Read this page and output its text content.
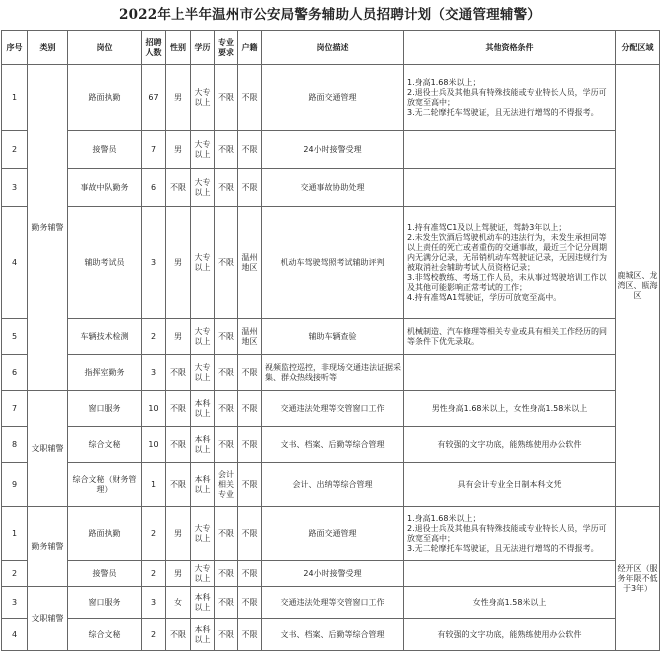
2022年上半年温州市公安局警务辅助人员招聘计划（交通管理辅警）
序号	类别	岗位	招聘人数	性别	学历	专业要求	户籍	岗位描述	其他资格条件	分配区域
1	勤务辅警	路面执勤	67	男	大专以上	不限	不限	路面交通管理	1.身高1.68米以上；
2.退役士兵及其他具有特殊技能或专业特长人员，学历可放宽至高中；
3.无二轮摩托车驾驶证，且无法进行增驾的不得报考。	鹿城区、龙湾区、瓯海区
2		接警员	7	男	大专以上	不限	不限	24小时接警受理		
3		事故中队勤务	6	不限	大专以上	不限	不限	交通事故协助处理		
4		辅助考试员	3	男	大专以上	不限	温州地区	机动车驾驶驾照考试辅助评判	1.持有准驾C1及以上驾驶证，驾龄3年以上；
2.未发生饮酒后驾驶机动车的违法行为，未发生承担同等以上责任的死亡或者重伤的交通事故，最近三个记分周期内无满分记录，无吊销机动车驾驶证记录，无因违规行为被取消社会辅助考试人员资格记录；
3.非驾校教练、考场工作人员，未从事过驾驶培训工作以及其他可能影响正常考试的工作；
4.持有准驾A1驾驶证，学历可放宽至高中。	
5		车辆技术检测	2	男	大专以上	不限	温州地区	辅助车辆查验	机械制造、汽车修理等相关专业或具有相关工作经历的同等条件下优先录取。	
6		指挥室勤务	3	不限	大专以上	不限	不限	视频监控巡控，非现场交通违法证据采集、群众热线接听等		
7	文职辅警	窗口服务	10	不限	本科以上	不限	不限	交通违法处理等交管窗口工作	男性身高1.68米以上，女性身高1.58米以上	
8		综合文秘	10	不限	本科以上	不限	不限	文书、档案、后勤等综合管理	有较强的文字功底，能熟练使用办公软件	
9		综合文秘（财务管理）	1	不限	本科以上	会计相关专业	不限	会计、出纳等综合管理	具有会计专业全日制本科文凭	
1	勤务辅警	路面执勤	2	男	大专以上	不限	不限	路面交通管理	1.身高1.68米以上；
2.退役士兵及其他具有特殊技能或专业特长人员，学历可放宽至高中；
3.无二轮摩托车驾驶证，且无法进行增驾的不得报考。	经开区（服务年限不低于3年）
2		接警员	2	男	大专以上	不限	不限	24小时接警受理		
3	文职辅警	窗口服务	3	女	本科以上	不限	不限	交通违法处理等交管窗口工作	女性身高1.58米以上	
4		综合文秘	2	不限	本科以上	不限	不限	文书、档案、后勤等综合管理	有较强的文字功底，能熟练使用办公软件	
